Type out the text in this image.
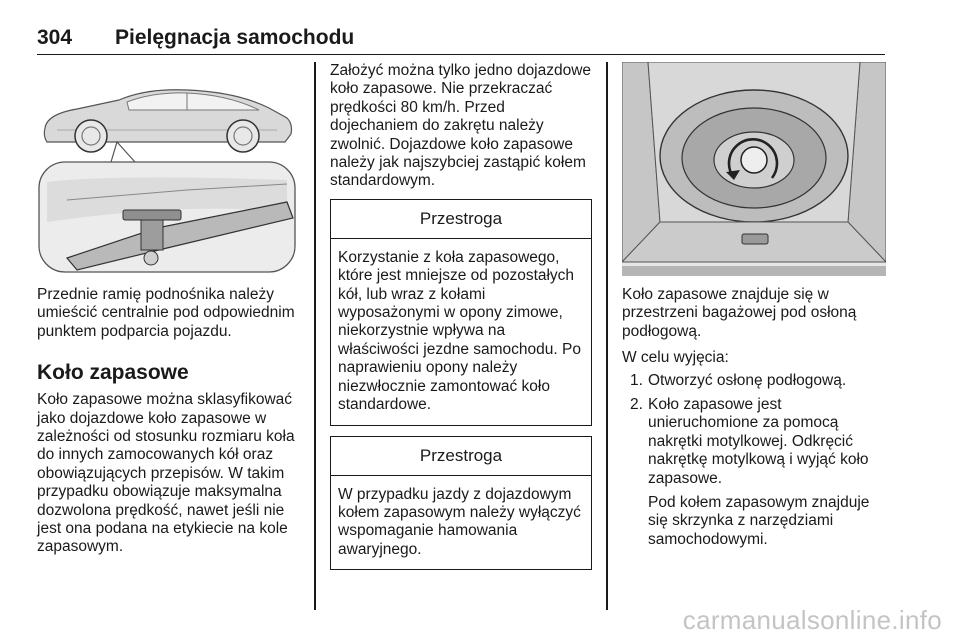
304 Pielęgnacja samochodu

Przednie ramię podnośnika należy umieścić centralnie pod odpowiednim punktem podparcia pojazdu.

Koło zapasowe

Koło zapasowe można sklasyfikować jako dojazdowe koło zapasowe w zależności od stosunku rozmiaru koła do innych zamocowanych kół oraz obowiązujących przepisów. W takim przypadku obowiązuje maksymalna dozwolona prędkość, nawet jeśli nie jest ona podana na etykiecie na kole zapasowym.

Założyć można tylko jedno dojazdowe koło zapasowe. Nie przekraczać prędkości 80 km/h. Przed dojechaniem do zakrętu należy zwolnić. Dojazdowe koło zapasowe należy jak najszybciej zastąpić kołem standardowym.

Przestroga
Korzystanie z koła zapasowego, które jest mniejsze od pozostałych kół, lub wraz z kołami wyposażonymi w opony zimowe, niekorzystnie wpływa na właściwości jezdne samochodu. Po naprawieniu opony należy niezwłocznie zamontować koło standardowe.
Przestroga
W przypadku jazdy z dojazdowym kołem zapasowym należy wyłączyć wspomaganie hamowania awaryjnego.

Koło zapasowe znajduje się w przestrzeni bagażowej pod osłoną podłogową.

W celu wyjęcia:

1. Otworzyć osłonę podłogową.
2. Koło zapasowe jest unieruchomione za pomocą nakrętki motylkowej. Odkręcić nakrętkę motylkową i wyjąć koło zapasowe.
Pod kołem zapasowym znajduje się skrzynka z narzędziami samochodowymi.
carmanualsonline.info
